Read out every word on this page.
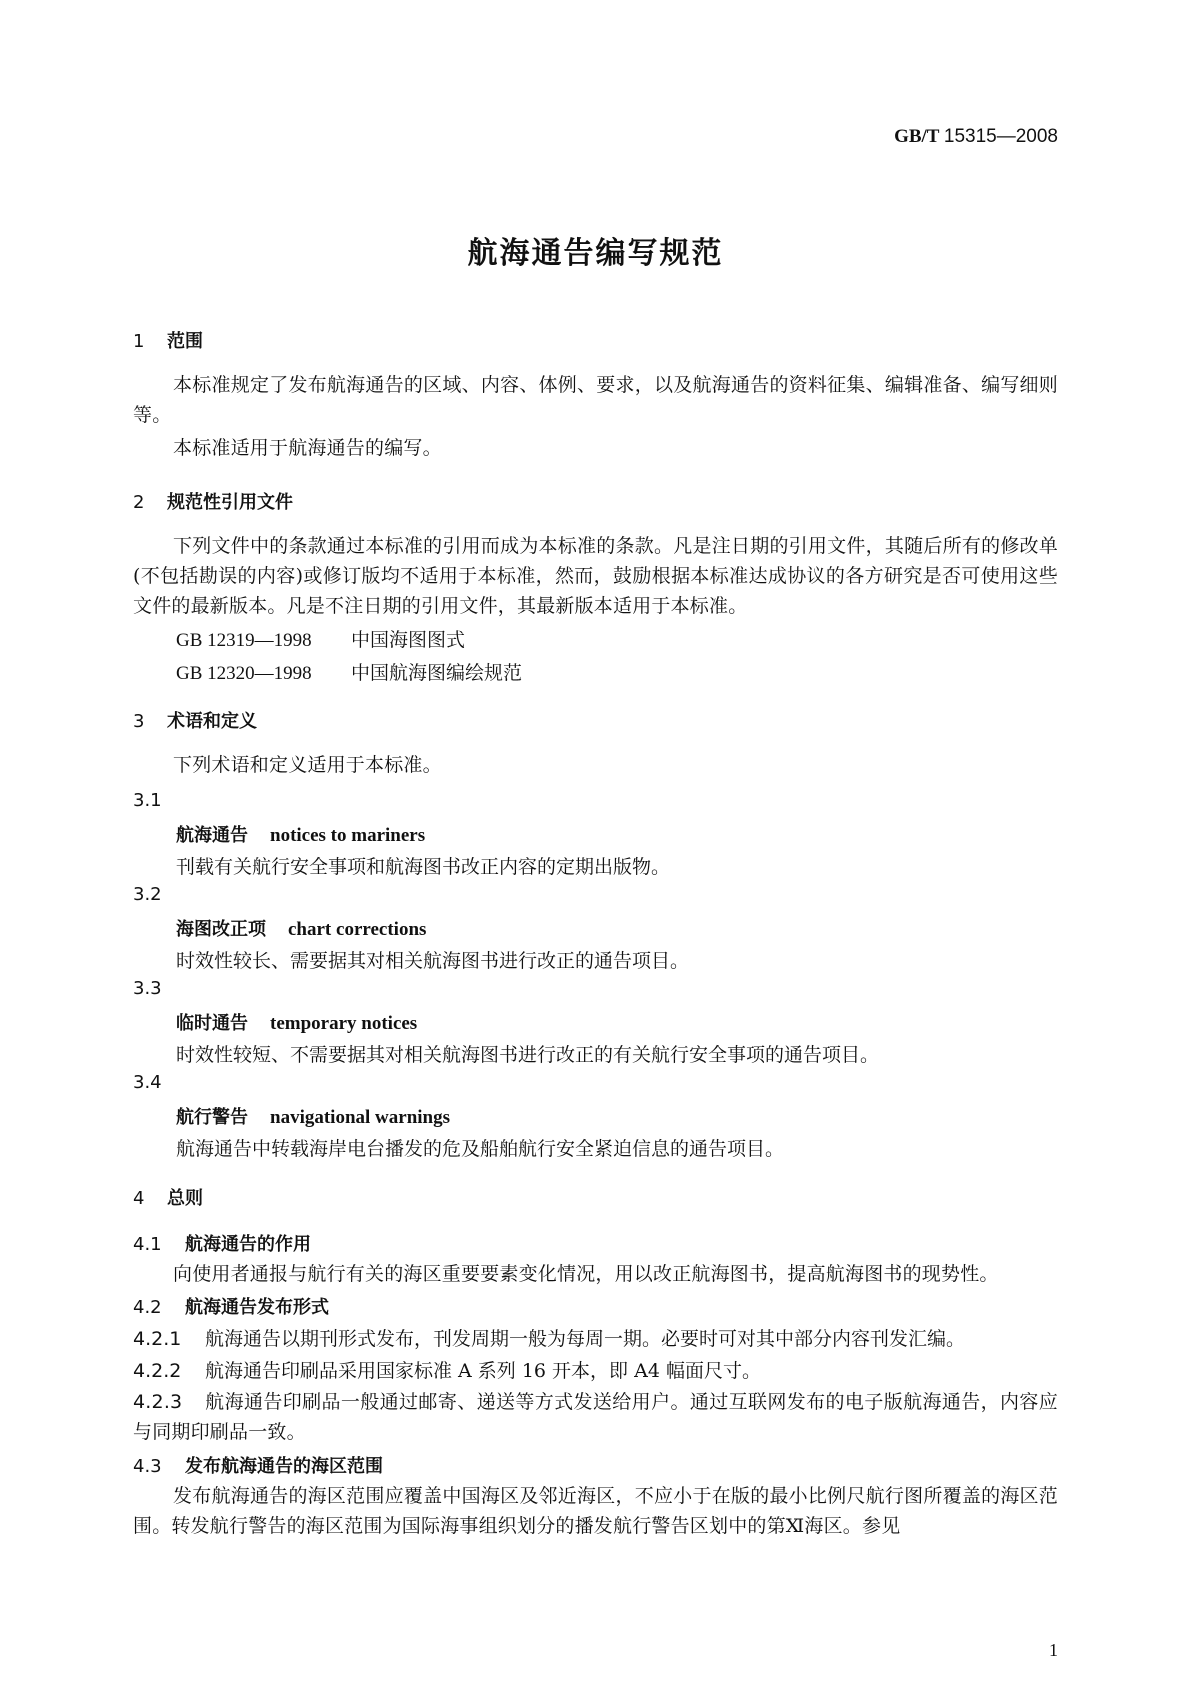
GB/T 15315—2008
航海通告编写规范
1 范围

本标准规定了发布航海通告的区域、内容、体例、要求，以及航海通告的资料征集、编辑准备、编写细则等。

本标准适用于航海通告的编写。

2 规范性引用文件

下列文件中的条款通过本标准的引用而成为本标准的条款。凡是注日期的引用文件，其随后所有的修改单(不包括勘误的内容)或修订版均不适用于本标准，然而，鼓励根据本标准达成协议的各方研究是否可使用这些文件的最新版本。凡是不注日期的引用文件，其最新版本适用于本标准。

GB 12319—1998 中国海图图式
GB 12320—1998 中国航海图编绘规范
3 术语和定义

下列术语和定义适用于本标准。

3.1
航海通告 notices to mariners
刊载有关航行安全事项和航海图书改正内容的定期出版物。
3.2
海图改正项 chart corrections
时效性较长、需要据其对相关航海图书进行改正的通告项目。
3.3
临时通告 temporary notices
时效性较短、不需要据其对相关航海图书进行改正的有关航行安全事项的通告项目。
3.4
航行警告 navigational warnings
航海通告中转载海岸电台播发的危及船舶航行安全紧迫信息的通告项目。
4 总则
4.1 航海通告的作用

向使用者通报与航行有关的海区重要要素变化情况，用以改正航海图书，提高航海图书的现势性。

4.2 航海通告发布形式
4.2.1 航海通告以期刊形式发布，刊发周期一般为每周一期。必要时可对其中部分内容刊发汇编。
4.2.2 航海通告印刷品采用国家标准 A 系列 16 开本，即 A4 幅面尺寸。

4.2.3 航海通告印刷品一般通过邮寄、递送等方式发送给用户。通过互联网发布的电子版航海通告，内容应与同期印刷品一致。

4.3 发布航海通告的海区范围

发布航海通告的海区范围应覆盖中国海区及邻近海区，不应小于在版的最小比例尺航行图所覆盖的海区范围。转发航行警告的海区范围为国际海事组织划分的播发航行警告区划中的第Ⅺ海区。参见

1
